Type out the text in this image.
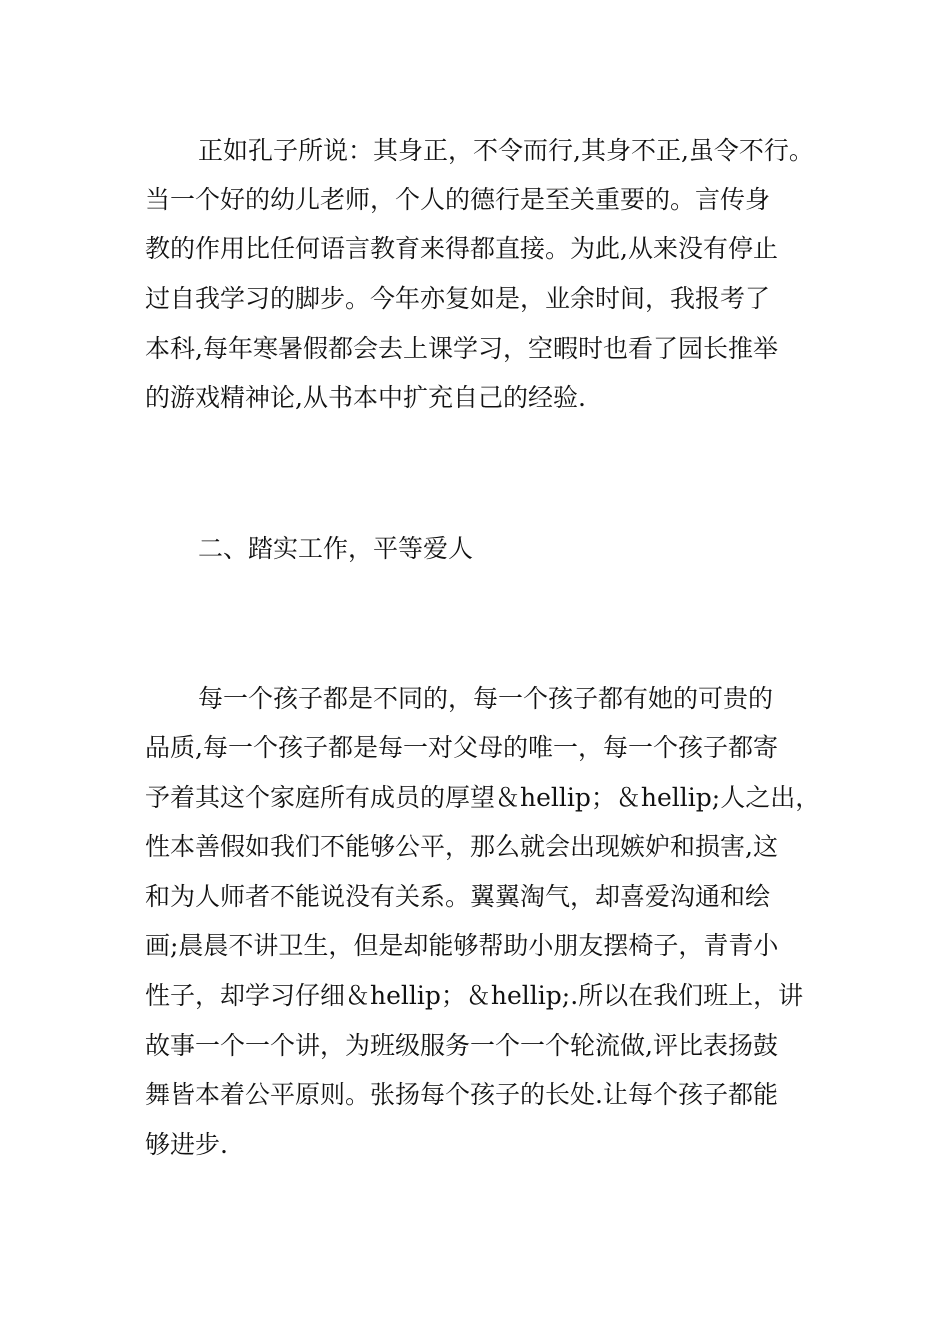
正如孔子所说：其身正，不令而行,其身不正,虽令不行。

当一个好的幼儿老师，个人的德行是至关重要的。言传身

教的作用比任何语言教育来得都直接。为此,从来没有停止

过自我学习的脚步。今年亦复如是，业余时间，我报考了

本科,每年寒暑假都会去上课学习，空暇时也看了园长推举

的游戏精神论,从书本中扩充自己的经验.

二、踏实工作，平等爱人

每一个孩子都是不同的，每一个孩子都有她的可贵的

品质,每一个孩子都是每一对父母的唯一，每一个孩子都寄

予着其这个家庭所有成员的厚望＆hellip；＆hellip;人之出，

性本善假如我们不能够公平，那么就会出现嫉妒和损害,这

和为人师者不能说没有关系。翼翼淘气，却喜爱沟通和绘

画;晨晨不讲卫生，但是却能够帮助小朋友摆椅子，青青小

性子，却学习仔细＆hellip；＆hellip;.所以在我们班上，讲

故事一个一个讲，为班级服务一个一个轮流做,评比表扬鼓

舞皆本着公平原则。张扬每个孩子的长处.让每个孩子都能

够进步.
